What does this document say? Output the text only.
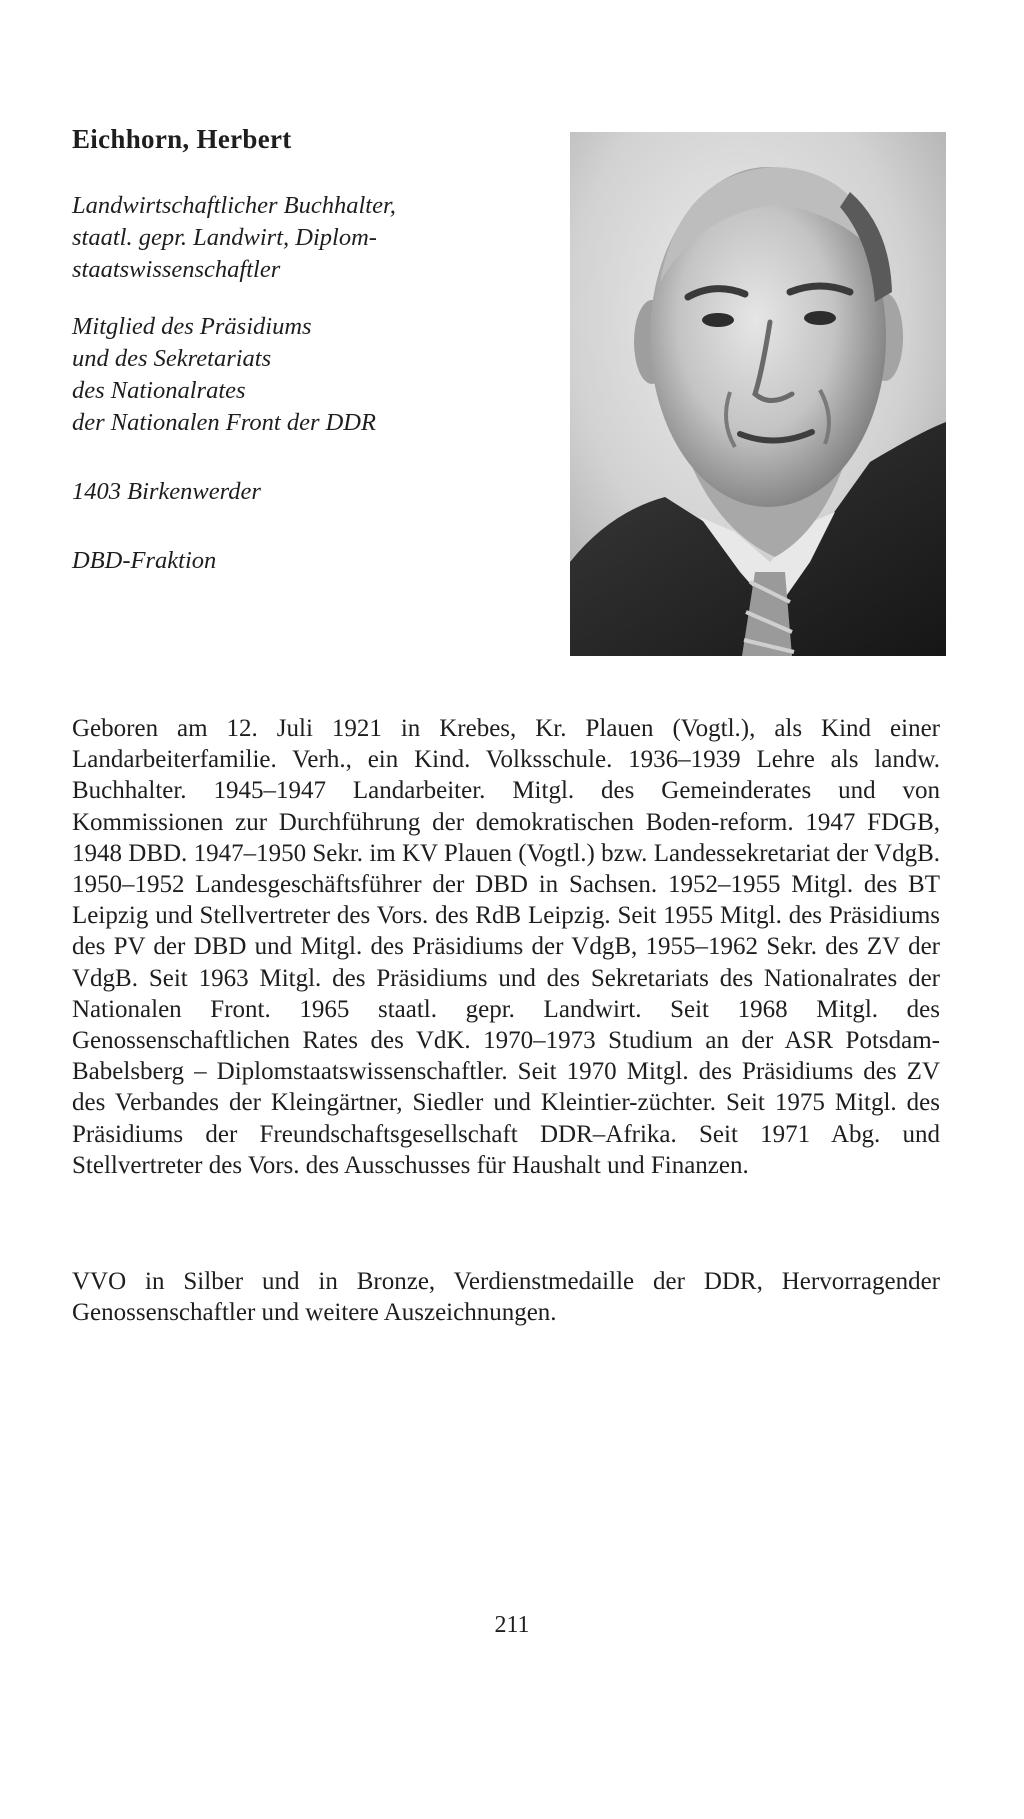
Eichhorn, Herbert

Landwirtschaftlicher Buchhalter,
staatl. gepr. Landwirt, Diplom-
staatswissenschaftler

Mitglied des Präsidiums
und des Sekretariats
des Nationalrates
der Nationalen Front der DDR

1403 Birkenwerder

DBD-Fraktion

Geboren am 12. Juli 1921 in Krebes, Kr. Plauen (Vogtl.), als Kind einer Landarbeiterfamilie. Verh., ein Kind. Volksschule. 1936–1939 Lehre als landw. Buchhalter. 1945–1947 Landarbeiter. Mitgl. des Gemeinderates und von Kommissionen zur Durchführung der demokratischen Boden-reform. 1947 FDGB, 1948 DBD. 1947–1950 Sekr. im KV Plauen (Vogtl.) bzw. Landessekretariat der VdgB. 1950–1952 Landesgeschäftsführer der DBD in Sachsen. 1952–1955 Mitgl. des BT Leipzig und Stellvertreter des Vors. des RdB Leipzig. Seit 1955 Mitgl. des Präsidiums des PV der DBD und Mitgl. des Präsidiums der VdgB, 1955–1962 Sekr. des ZV der VdgB. Seit 1963 Mitgl. des Präsidiums und des Sekretariats des Nationalrates der Nationalen Front. 1965 staatl. gepr. Landwirt. Seit 1968 Mitgl. des Genossenschaftlichen Rates des VdK. 1970–1973 Studium an der ASR Potsdam-Babelsberg – Diplomstaatswissenschaftler. Seit 1970 Mitgl. des Präsidiums des ZV des Verbandes der Kleingärtner, Siedler und Kleintier-züchter. Seit 1975 Mitgl. des Präsidiums der Freundschaftsgesellschaft DDR–Afrika. Seit 1971 Abg. und Stellvertreter des Vors. des Ausschusses für Haushalt und Finanzen.

VVO in Silber und in Bronze, Verdienstmedaille der DDR, Hervorragender Genossenschaftler und weitere Auszeichnungen.

211
